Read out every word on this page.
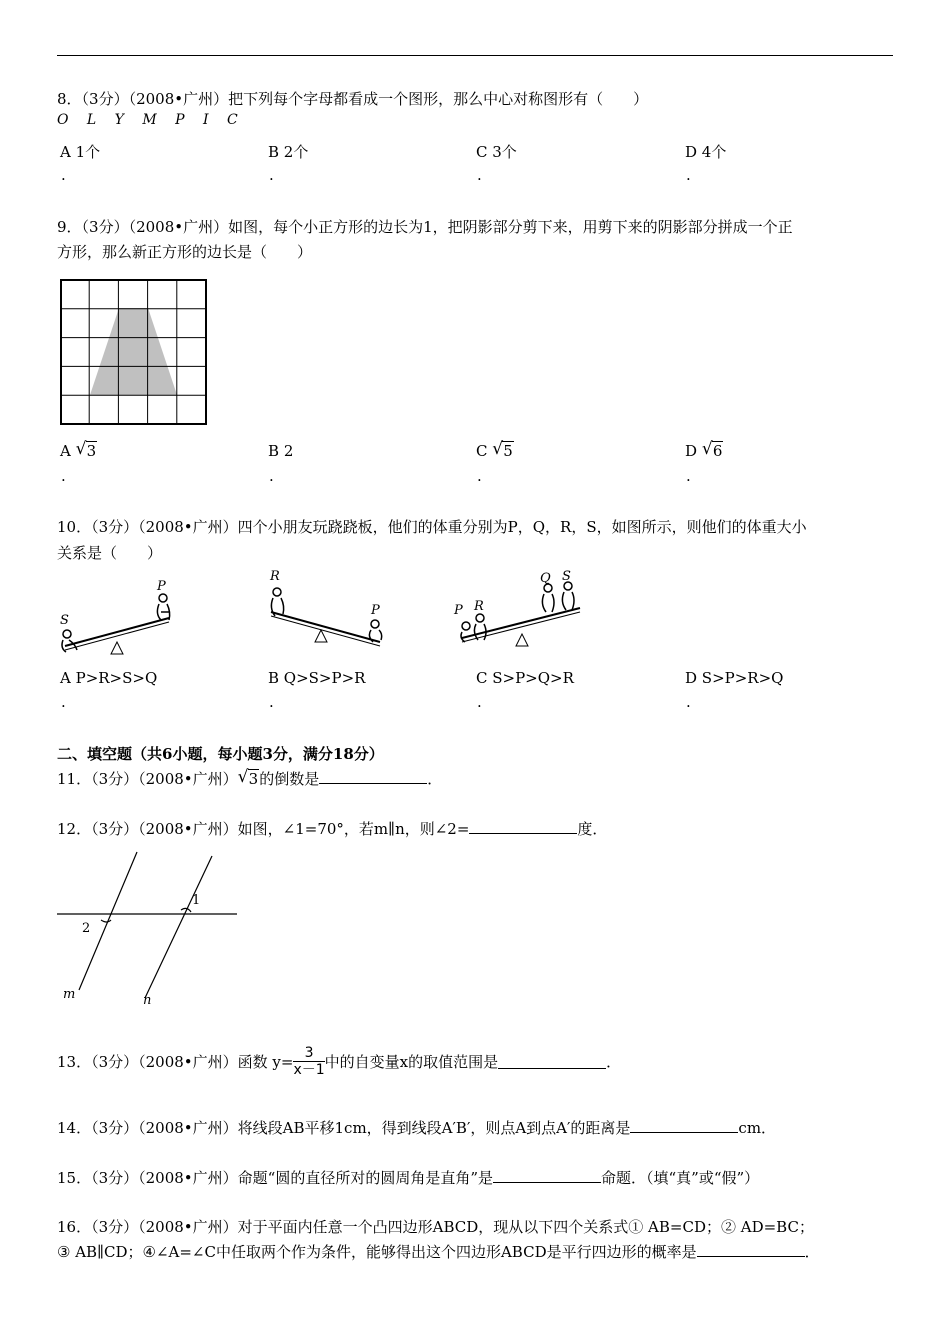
8．（3分）（2008•广州）把下列每个字母都看成一个图形，那么中心对称图形有（　　）
O L Y M P I C
A 1个	B 2个	C 3个	D 4个
.	.	.	.
9．（3分）（2008•广州）如图，每个小正方形的边长为1，把阴影部分剪下来，用剪下来的阴影部分拼成一个正
方形，那么新正方形的边长是（　　）
A √ 3	B 2	C √ 5	D √ 6
.	.	.	.
10．（3分）（2008•广州）四个小朋友玩跷跷板，他们的体重分别为P，Q，R，S，如图所示，则他们的体重大小
关系是（　　）
S
P
R
P	P R
Q S
A P>R>S>Q	B Q>S>P>R	C S>P>Q>R	D S>P>R>Q
.	.	.	.
二、填空题（共6小题，每小题3分，满分18分）
11．（3分）（2008•广州） √ 3的倒数是	．
12．（3分）（2008•广州）如图，∠1=70°，若m∥n，则∠2=	度．
1
2
m	n
13．（3分）（2008•广州）函数 $y= \frac{3}{x-1}$ 中的自变量x的取值范围是	．
14．（3分）（2008•广州）将线段AB平移1cm，得到线段A′B′，则点A到点A′的距离是	cm．
15．（3分）（2008•广州）命题“圆的直径所对的圆周角是直角”是	命题．（填“真”或“假”）
16．（3分）（2008•广州）对于平面内任意一个凸四边形ABCD，现从以下四个关系式① AB=CD；② AD=BC；
③ AB∥CD；④∠A=∠C中任取两个作为条件，能够得出这个四边形ABCD是平行四边形的概率是	．
